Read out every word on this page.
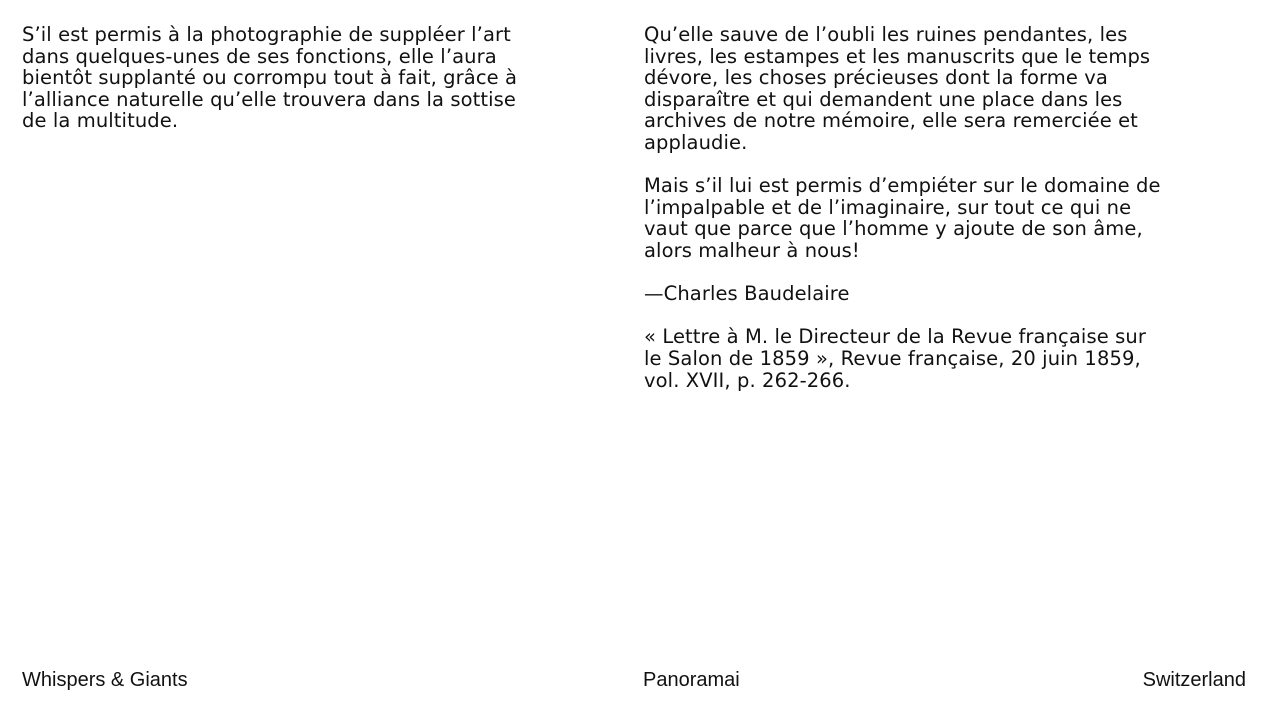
S’il est permis à la photographie de suppléer l’art dans quelques-unes de ses fonctions, elle l’aura bientôt supplanté ou corrompu tout à fait, grâce à l’alliance naturelle qu’elle trouvera dans la sottise de la multitude.

Qu’elle sauve de l’oubli les ruines pendantes, les livres, les estampes et les manuscrits que le temps dévore, les choses précieuses dont la forme va disparaître et qui demandent une place dans les archives de notre mémoire, elle sera remerciée et applaudie.

Mais s’il lui est permis d’empiéter sur le domaine de l’impalpable et de l’imaginaire, sur tout ce qui ne vaut que parce que l’homme y ajoute de son âme, alors malheur à nous!

—Charles Baudelaire

« Lettre à M. le Directeur de la Revue française sur le Salon de 1859 », Revue française, 20 juin 1859, vol. XVII, p. 262-266.

Whispers & Giants	Panoramai	Switzerland
